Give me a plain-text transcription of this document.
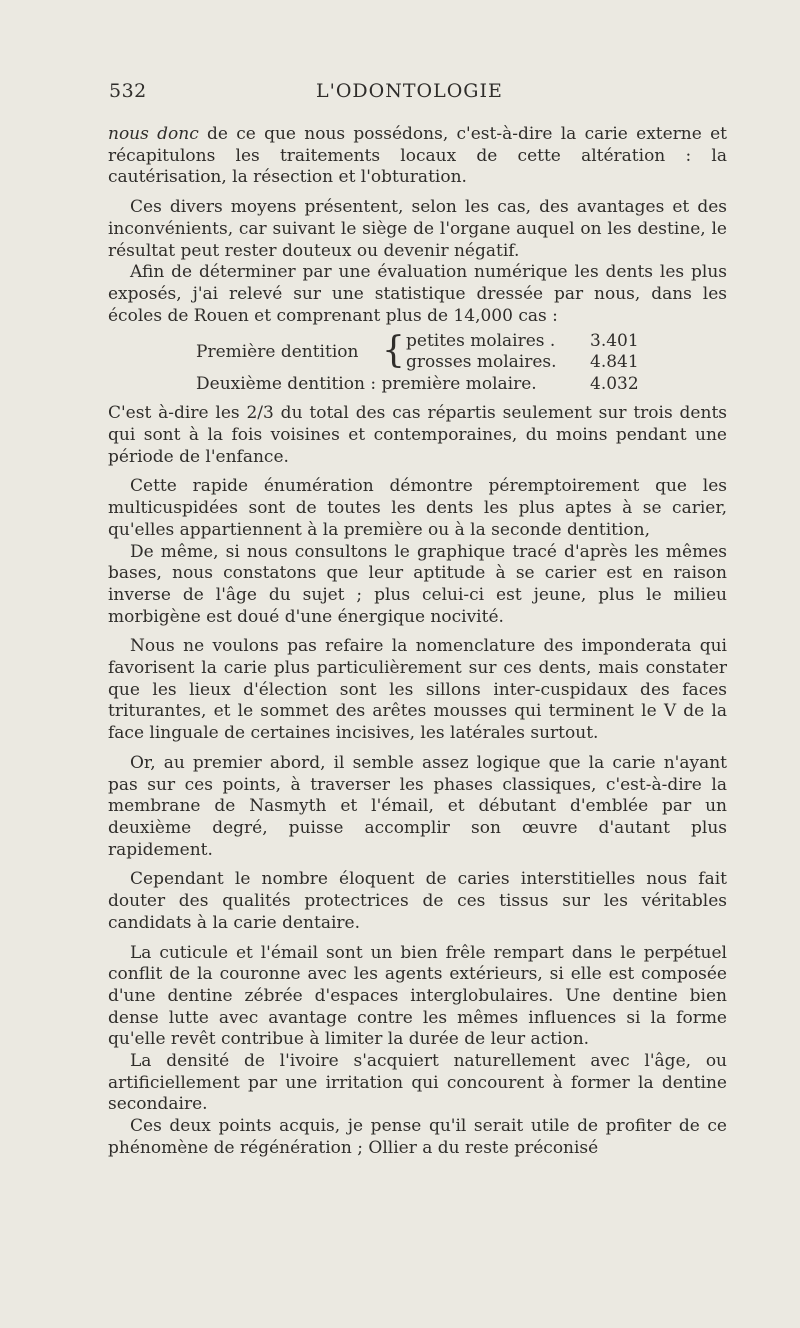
532	L'ODONTOLOGIE

nous donc de ce que nous possédons, c'est-à-dire la carie externe et récapitulons les traitements locaux de cette altération : la cautérisation, la résection et l'obturation.

Ces divers moyens présentent, selon les cas, des avantages et des inconvénients, car suivant le siège de l'organe auquel on les destine, le résultat peut rester douteux ou devenir négatif.

Afin de déterminer par une évaluation numérique les dents les plus exposés, j'ai relevé sur une statistique dressée par nous, dans les écoles de Rouen et comprenant plus de 14,000 cas :

Première dentition { petites molaires . 3.401
grosses molaires. 4.841
Deuxième dentition : première molaire.	4.032

C'est à-dire les 2/3 du total des cas répartis seulement sur trois dents qui sont à la fois voisines et contemporaines, du moins pendant une période de l'enfance.

Cette rapide énumération démontre péremptoirement que les multicuspidées sont de toutes les dents les plus aptes à se carier, qu'elles appartiennent à la première ou à la seconde dentition,

De même, si nous consultons le graphique tracé d'après les mêmes bases, nous constatons que leur aptitude à se carier est en raison inverse de l'âge du sujet ; plus celui-ci est jeune, plus le milieu morbigène est doué d'une énergique nocivité.

Nous ne voulons pas refaire la nomenclature des imponderata qui favorisent la carie plus particulièrement sur ces dents, mais constater que les lieux d'élection sont les sillons inter-cuspidaux des faces triturantes, et le sommet des arêtes mousses qui terminent le V de la face linguale de certaines incisives, les latérales surtout.

Or, au premier abord, il semble assez logique que la carie n'ayant pas sur ces points, à traverser les phases classiques, c'est-à-dire la membrane de Nasmyth et l'émail, et débutant d'emblée par un deuxième degré, puisse accomplir son œuvre d'autant plus rapidement.

Cependant le nombre éloquent de caries interstitielles nous fait douter des qualités protectrices de ces tissus sur les véritables candidats à la carie dentaire.

La cuticule et l'émail sont un bien frêle rempart dans le perpétuel conflit de la couronne avec les agents extérieurs, si elle est composée d'une dentine zébrée d'espaces interglobulaires. Une dentine bien dense lutte avec avantage contre les mêmes influences si la forme qu'elle revêt contribue à limiter la durée de leur action.

La densité de l'ivoire s'acquiert naturellement avec l'âge, ou artificiellement par une irritation qui concourent à former la dentine secondaire.

Ces deux points acquis, je pense qu'il serait utile de profiter de ce phénomène de régénération ; Ollier a du reste préconisé
